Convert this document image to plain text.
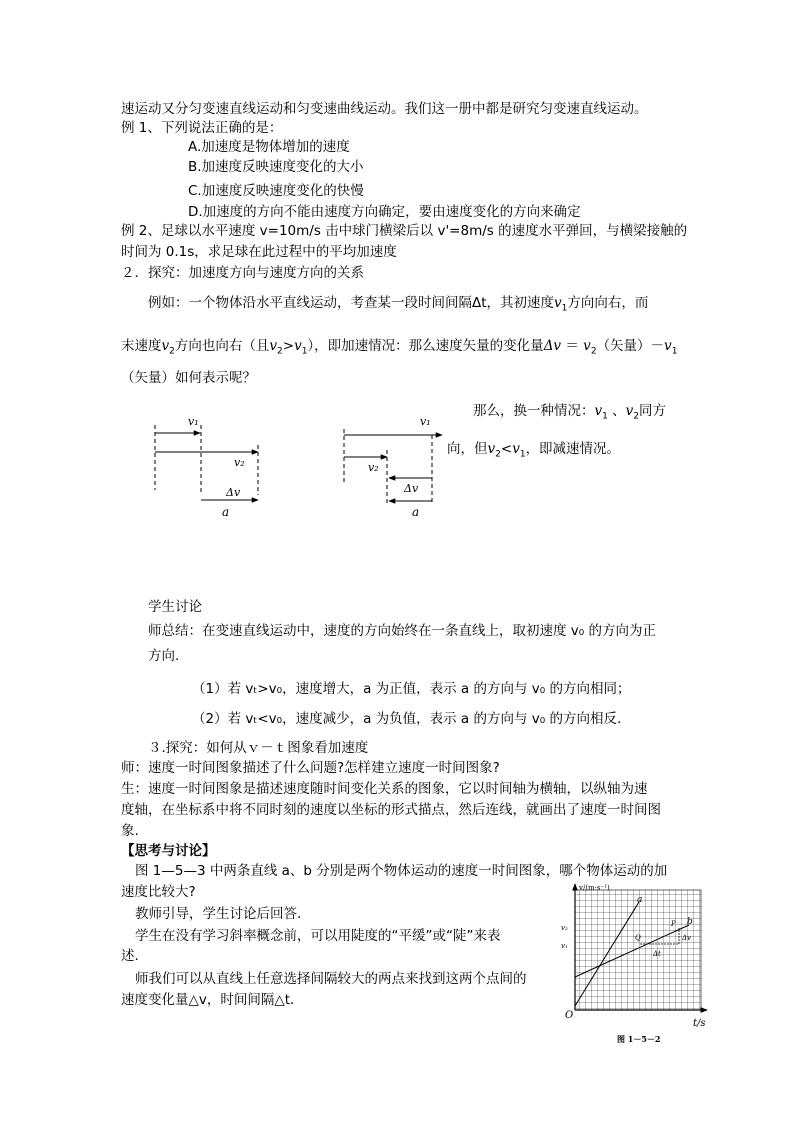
速运动又分匀变速直线运动和匀变速曲线运动。我们这一册中都是研究匀变速直线运动。
例 1、下列说法正确的是：
A.加速度是物体增加的速度
B.加速度反映速度变化的大小
C.加速度反映速度变化的快慢
D.加速度的方向不能由速度方向确定，要由速度变化的方向来确定
例 2、足球以水平速度 v=10m/s 击中球门横梁后以 v'=8m/s 的速度水平弹回，与横梁接触的
时间为 0.1s，求足球在此过程中的平均加速度
２．探究：加速度方向与速度方向的关系
例如：一个物体沿水平直线运动，考查某一段时间间隔Δt，其初速度$v_1$方向向右，而
末速度$v_2$方向也向右（且$v_2>v_1$），即加速情况：那么速度矢量的变化量$\Delta v = v_2$（矢量）$-v_1$
（矢量）如何表示呢？
那么，换一种情况：$v_1$ 、$v_2$同方
向，但$v_2<v_1$，即减速情况。
v₁
v₂
Δv
a
v₁
v₂
Δv
a
学生讨论
师总结：在变速直线运动中，速度的方向始终在一条直线上，取初速度 v₀ 的方向为正
方向.
（1）若 vₜ>v₀，速度增大，a 为正值，表示 a 的方向与 v₀ 的方向相同；
（2）若 vₜ<v₀，速度减少，a 为负值，表示 a 的方向与 v₀ 的方向相反.
３.探究：如何从ｖ－ｔ图象看加速度
师：速度一时间图象描述了什么问题?怎样建立速度一时间图象?
生：速度一时间图象是描述速度随时间变化关系的图象，它以时间轴为横轴，以纵轴为速
度轴，在坐标系中将不同时刻的速度以坐标的形式描点，然后连线，就画出了速度一时间图
象.
【思考与讨论】
图 1—5—3 中两条直线 a、b 分别是两个物体运动的速度一时间图象，哪个物体运动的加
速度比较大?
教师引导，学生讨论后回答.
学生在没有学习斜率概念前，可以用陡度的“平缓”或“陡”来表
述.
师我们可以从直线上任意选择间隔较大的两点来找到这两个点间的
速度变化量△v，时间间隔△t．
v/(m·s⁻¹)
t/s
O
a
b
P
Q
Δt
Δv
v₂
v₁
图 1－5－2
